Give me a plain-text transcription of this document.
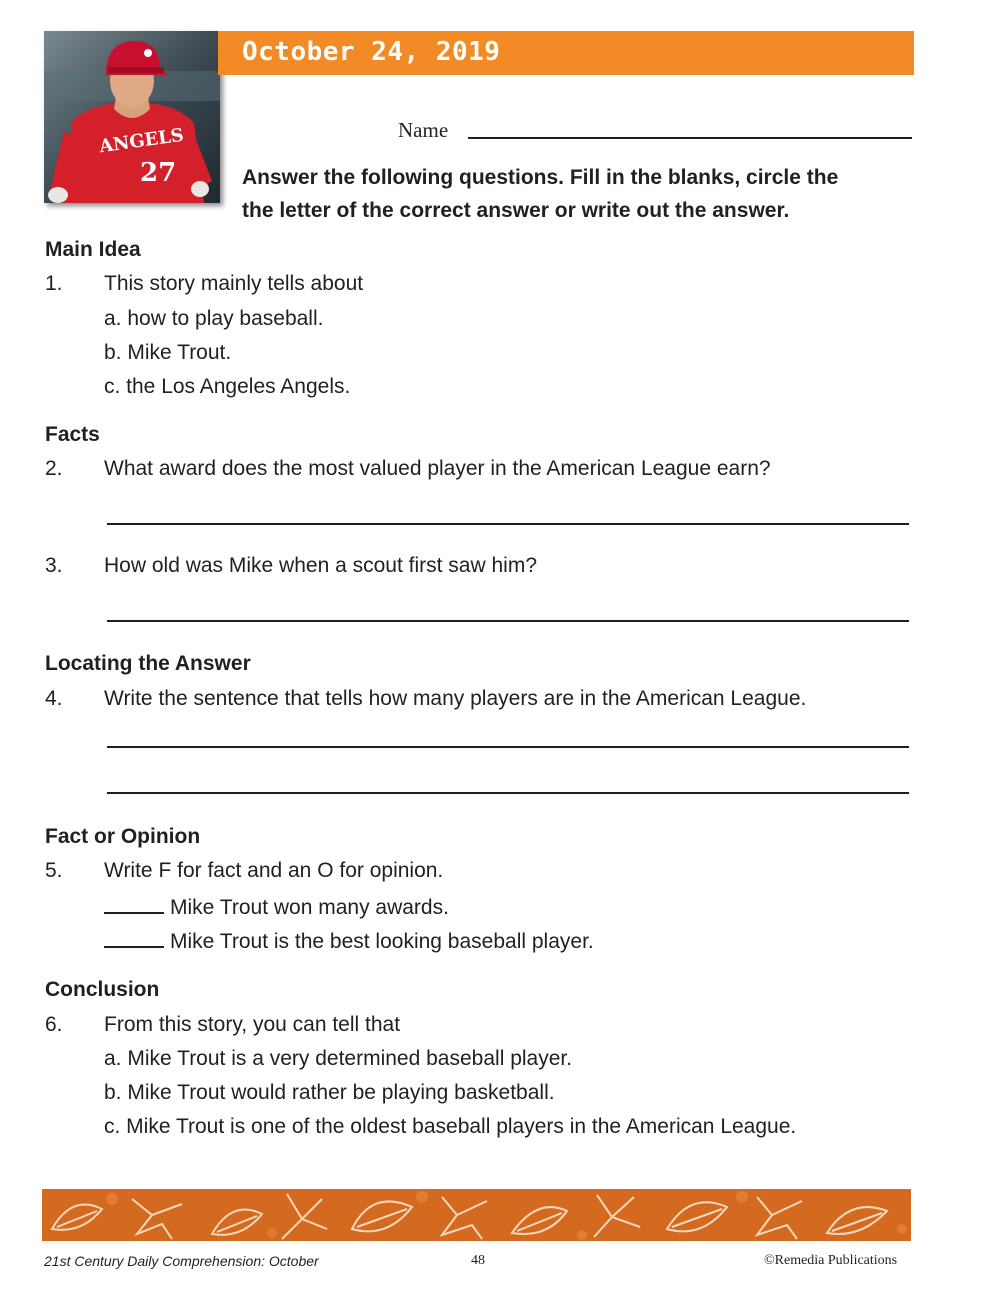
ANGELS
27
October 24, 2019
Name
Answer the following questions. Fill in the blanks, circle the
the letter of the correct answer or write out the answer.
Main Idea
1. This story mainly tells about
a. how to play baseball.
b. Mike Trout.
c. the Los Angeles Angels.
Facts
2. What award does the most valued player in the American League earn?
3. How old was Mike when a scout first saw him?
Locating the Answer
4. Write the sentence that tells how many players are in the American League.
Fact or Opinion
5. Write F for fact and an O for opinion.
Mike Trout won many awards.
Mike Trout is the best looking baseball player.
Conclusion
6. From this story, you can tell that
a. Mike Trout is a very determined baseball player.
b. Mike Trout would rather be playing basketball.
c. Mike Trout is one of the oldest baseball players in the American League.
21st Century Daily Comprehension: October	48	©Remedia Publications
